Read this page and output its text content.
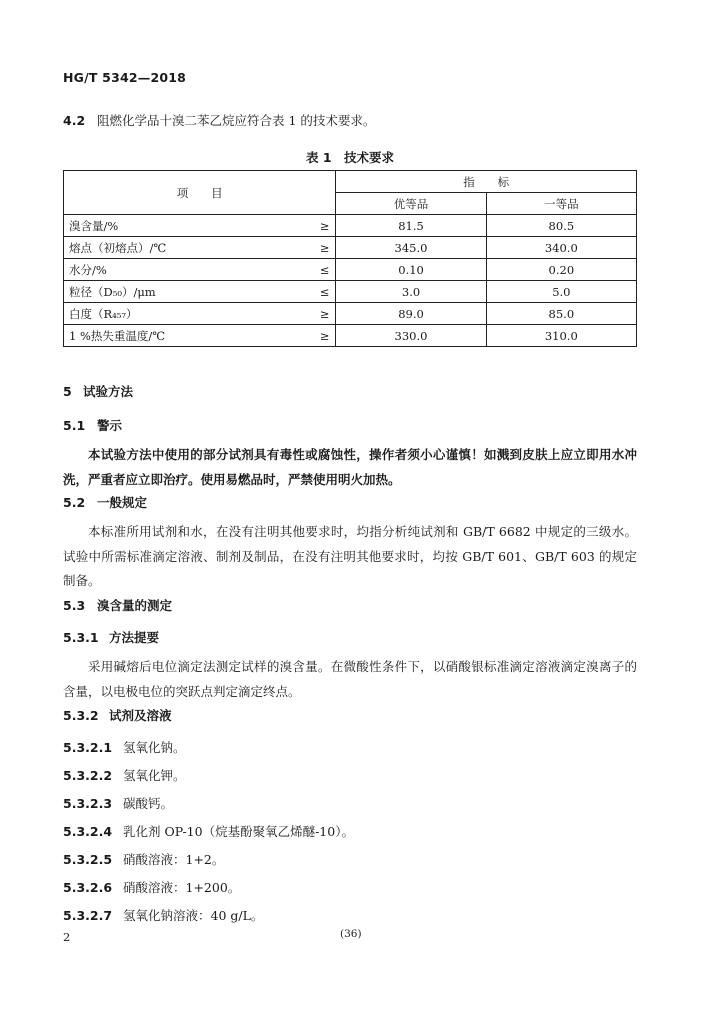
HG/T 5342—2018
4.2 阻燃化学品十溴二苯乙烷应符合表 1 的技术要求。
表 1　技术要求
项　　目		指　　标	
		优等品	一等品
溴含量/%	≥	81.5	80.5
熔点（初熔点）/℃	≥	345.0	340.0
水分/%	≤	0.10	0.20
粒径（D₅₀）/μm	≤	3.0	5.0
白度（R₄₅₇）	≥	89.0	85.0
1 %热失重温度/℃	≥	330.0	310.0
5 试验方法
5.1 警示
本试验方法中使用的部分试剂具有毒性或腐蚀性，操作者须小心谨慎！如溅到皮肤上应立即用水冲洗，严重者应立即治疗。使用易燃品时，严禁使用明火加热。
5.2 一般规定
本标准所用试剂和水，在没有注明其他要求时，均指分析纯试剂和 GB/T 6682 中规定的三级水。试验中所需标准滴定溶液、制剂及制品，在没有注明其他要求时，均按 GB/T 601、GB/T 603 的规定制备。
5.3 溴含量的测定
5.3.1 方法提要
采用碱熔后电位滴定法测定试样的溴含量。在微酸性条件下，以硝酸银标准滴定溶液滴定溴离子的含量，以电极电位的突跃点判定滴定终点。
5.3.2 试剂及溶液
5.3.2.1 氢氧化钠。
5.3.2.2 氢氧化钾。
5.3.2.3 碳酸钙。
5.3.2.4 乳化剂 OP-10（烷基酚聚氧乙烯醚-10）。
5.3.2.5 硝酸溶液：1+2。
5.3.2.6 硝酸溶液：1+200。
5.3.2.7 氢氧化钠溶液：40 g/L。
2	(36)
